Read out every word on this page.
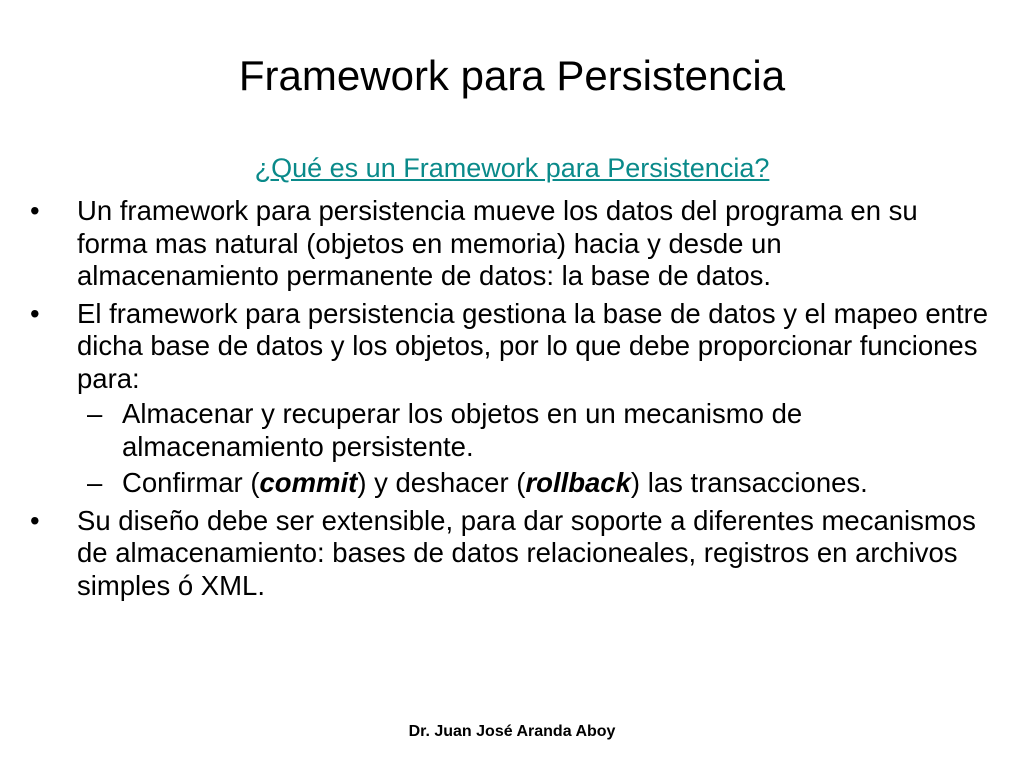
Framework para Persistencia
¿Qué es un Framework para Persistencia?
• Un framework para persistencia mueve los datos del programa en su forma mas natural (objetos en memoria) hacia y desde un almacenamiento permanente de datos: la base de datos.
• El framework para persistencia gestiona la base de datos y el mapeo entre dicha base de datos y los objetos, por lo que debe proporcionar funciones para:
– Almacenar y recuperar los objetos en un mecanismo de almacenamiento persistente.
– Confirmar (commit) y deshacer (rollback) las transacciones.
• Su diseño debe ser extensible, para dar soporte a diferentes mecanismos de almacenamiento: bases de datos relacioneales, registros en archivos simples ó XML.
Dr. Juan José Aranda Aboy
